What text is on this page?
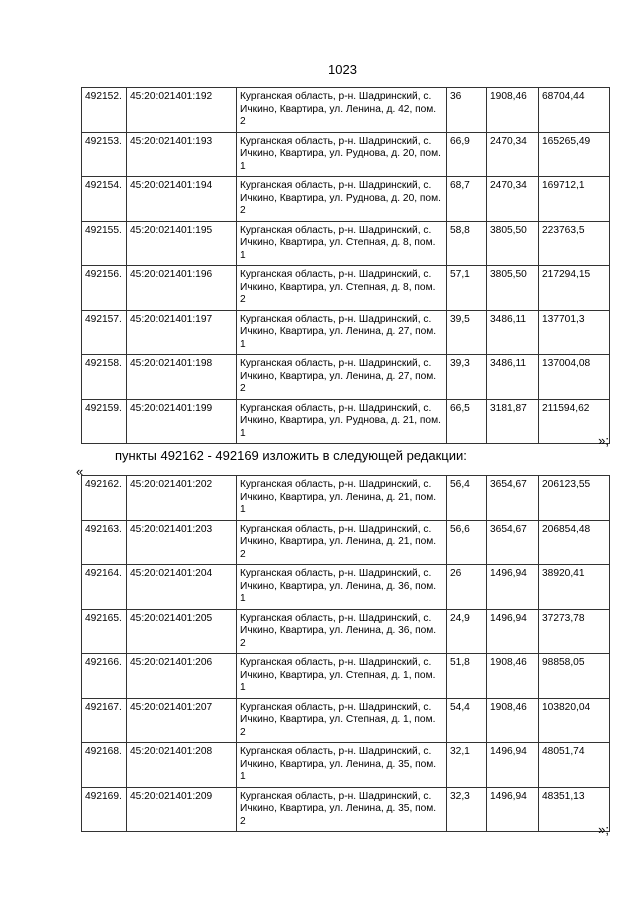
1023
492152.	45:20:021401:192	Курганская область, р-н. Шадринский, с. Ичкино, Квартира, ул. Ленина, д. 42, пом. 2	36	1908,46	68704,44
492153.	45:20:021401:193	Курганская область, р-н. Шадринский, с. Ичкино, Квартира, ул. Руднова, д. 20, пом. 1	66,9	2470,34	165265,49
492154.	45:20:021401:194	Курганская область, р-н. Шадринский, с. Ичкино, Квартира, ул. Руднова, д. 20, пом. 2	68,7	2470,34	169712,1
492155.	45:20:021401:195	Курганская область, р-н. Шадринский, с. Ичкино, Квартира, ул. Степная, д. 8, пом. 1	58,8	3805,50	223763,5
492156.	45:20:021401:196	Курганская область, р-н. Шадринский, с. Ичкино, Квартира, ул. Степная, д. 8, пом. 2	57,1	3805,50	217294,15
492157.	45:20:021401:197	Курганская область, р-н. Шадринский, с. Ичкино, Квартира, ул. Ленина, д. 27, пом. 1	39,5	3486,11	137701,3
492158.	45:20:021401:198	Курганская область, р-н. Шадринский, с. Ичкино, Квартира, ул. Ленина, д. 27, пом. 2	39,3	3486,11	137004,08
492159.	45:20:021401:199	Курганская область, р-н. Шадринский, с. Ичкино, Квартира, ул. Руднова, д. 21, пом. 1	66,5	3181,87	211594,62
»;
пункты 492162 - 492169 изложить в следующей редакции:
«
492162.	45:20:021401:202	Курганская область, р-н. Шадринский, с. Ичкино, Квартира, ул. Ленина, д. 21, пом. 1	56,4	3654,67	206123,55
492163.	45:20:021401:203	Курганская область, р-н. Шадринский, с. Ичкино, Квартира, ул. Ленина, д. 21, пом. 2	56,6	3654,67	206854,48
492164.	45:20:021401:204	Курганская область, р-н. Шадринский, с. Ичкино, Квартира, ул. Ленина, д. 36, пом. 1	26	1496,94	38920,41
492165.	45:20:021401:205	Курганская область, р-н. Шадринский, с. Ичкино, Квартира, ул. Ленина, д. 36, пом. 2	24,9	1496,94	37273,78
492166.	45:20:021401:206	Курганская область, р-н. Шадринский, с. Ичкино, Квартира, ул. Степная, д. 1, пом. 1	51,8	1908,46	98858,05
492167.	45:20:021401:207	Курганская область, р-н. Шадринский, с. Ичкино, Квартира, ул. Степная, д. 1, пом. 2	54,4	1908,46	103820,04
492168.	45:20:021401:208	Курганская область, р-н. Шадринский, с. Ичкино, Квартира, ул. Ленина, д. 35, пом. 1	32,1	1496,94	48051,74
492169.	45:20:021401:209	Курганская область, р-н. Шадринский, с. Ичкино, Квартира, ул. Ленина, д. 35, пом. 2	32,3	1496,94	48351,13
»;
